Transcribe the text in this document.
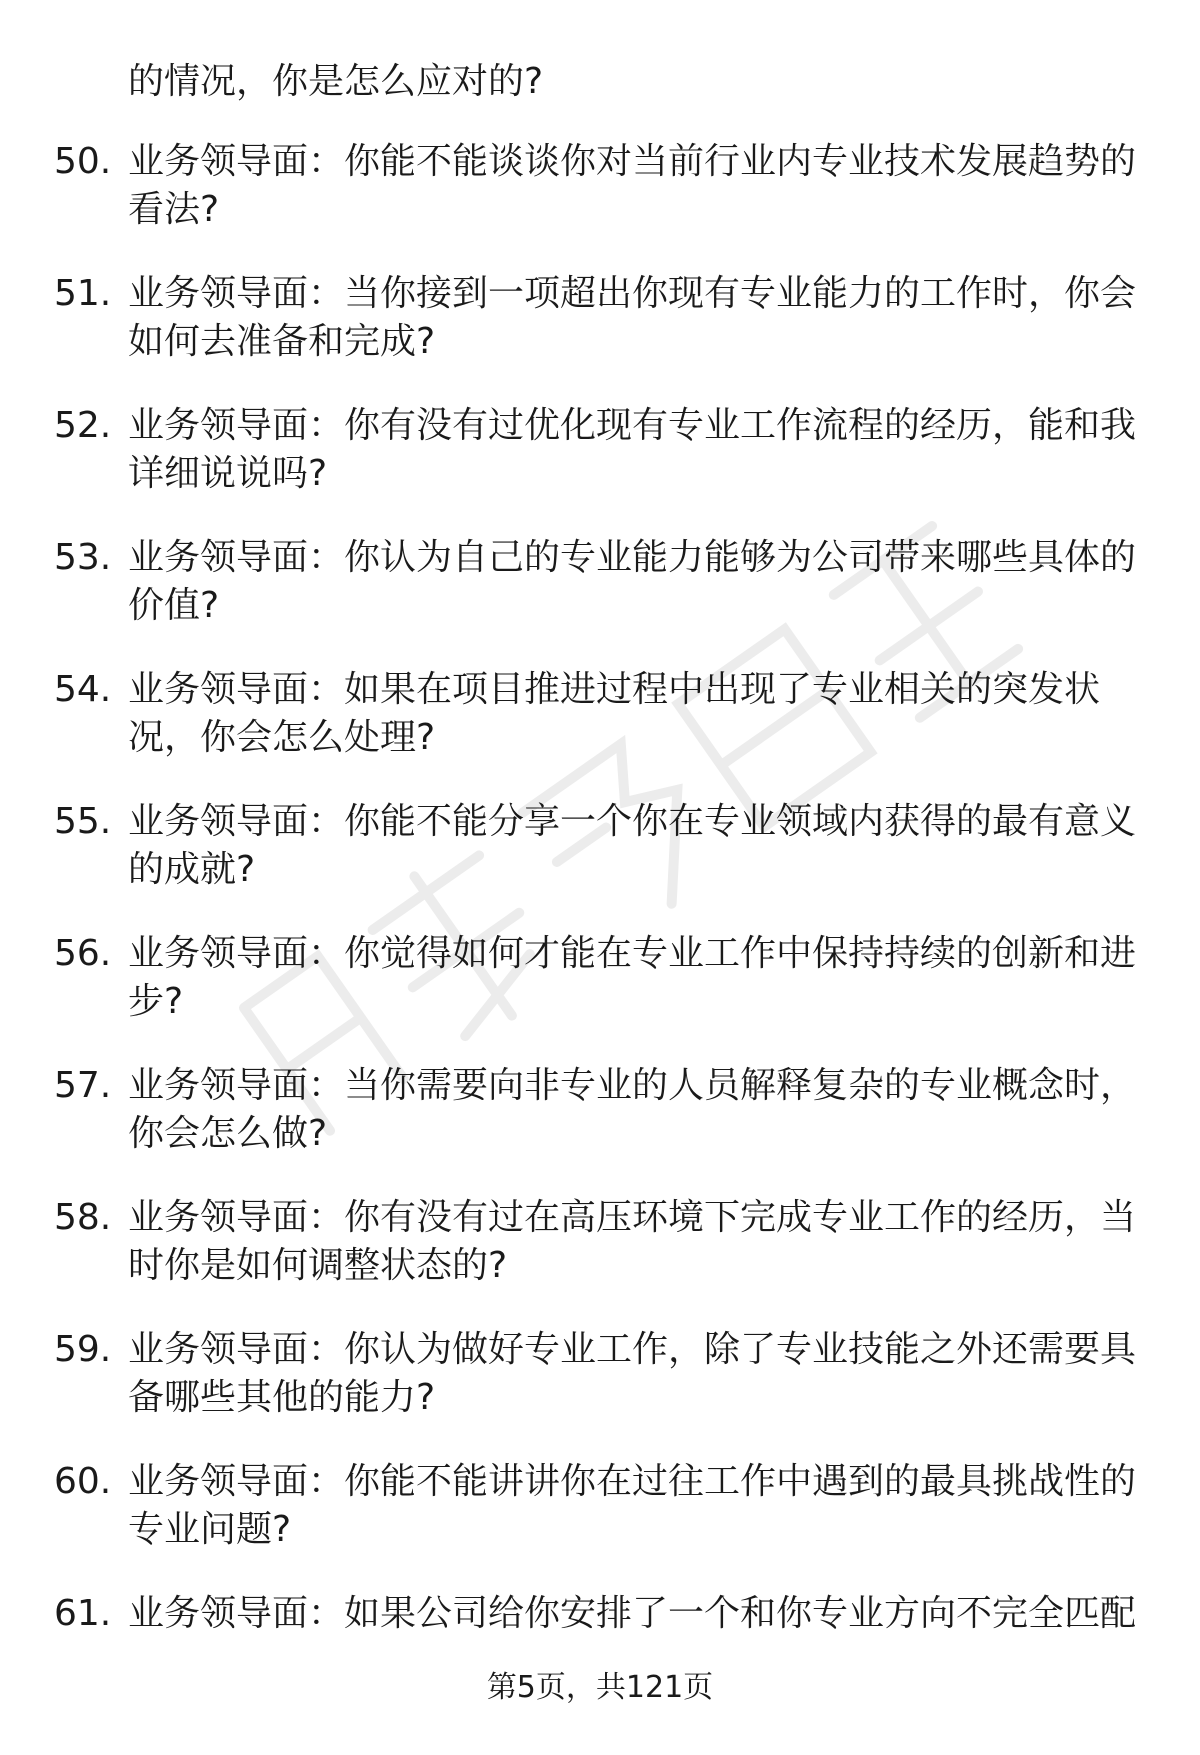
的情况，你是怎么应对的?
50. 业务领导面：你能不能谈谈你对当前行业内专业技术发展趋势的看法?
51. 业务领导面：当你接到一项超出你现有专业能力的工作时，你会如何去准备和完成?
52. 业务领导面：你有没有过优化现有专业工作流程的经历，能和我详细说说吗?
53. 业务领导面：你认为自己的专业能力能够为公司带来哪些具体的价值?
54. 业务领导面：如果在项目推进过程中出现了专业相关的突发状况，你会怎么处理?
55. 业务领导面：你能不能分享一个你在专业领域内获得的最有意义的成就?
56. 业务领导面：你觉得如何才能在专业工作中保持持续的创新和进步?
57. 业务领导面：当你需要向非专业的人员解释复杂的专业概念时，你会怎么做?
58. 业务领导面：你有没有过在高压环境下完成专业工作的经历，当时你是如何调整状态的?
59. 业务领导面：你认为做好专业工作，除了专业技能之外还需要具备哪些其他的能力?
60. 业务领导面：你能不能讲讲你在过往工作中遇到的最具挑战性的专业问题?
61. 业务领导面：如果公司给你安排了一个和你专业方向不完全匹配
第5页，共121页
